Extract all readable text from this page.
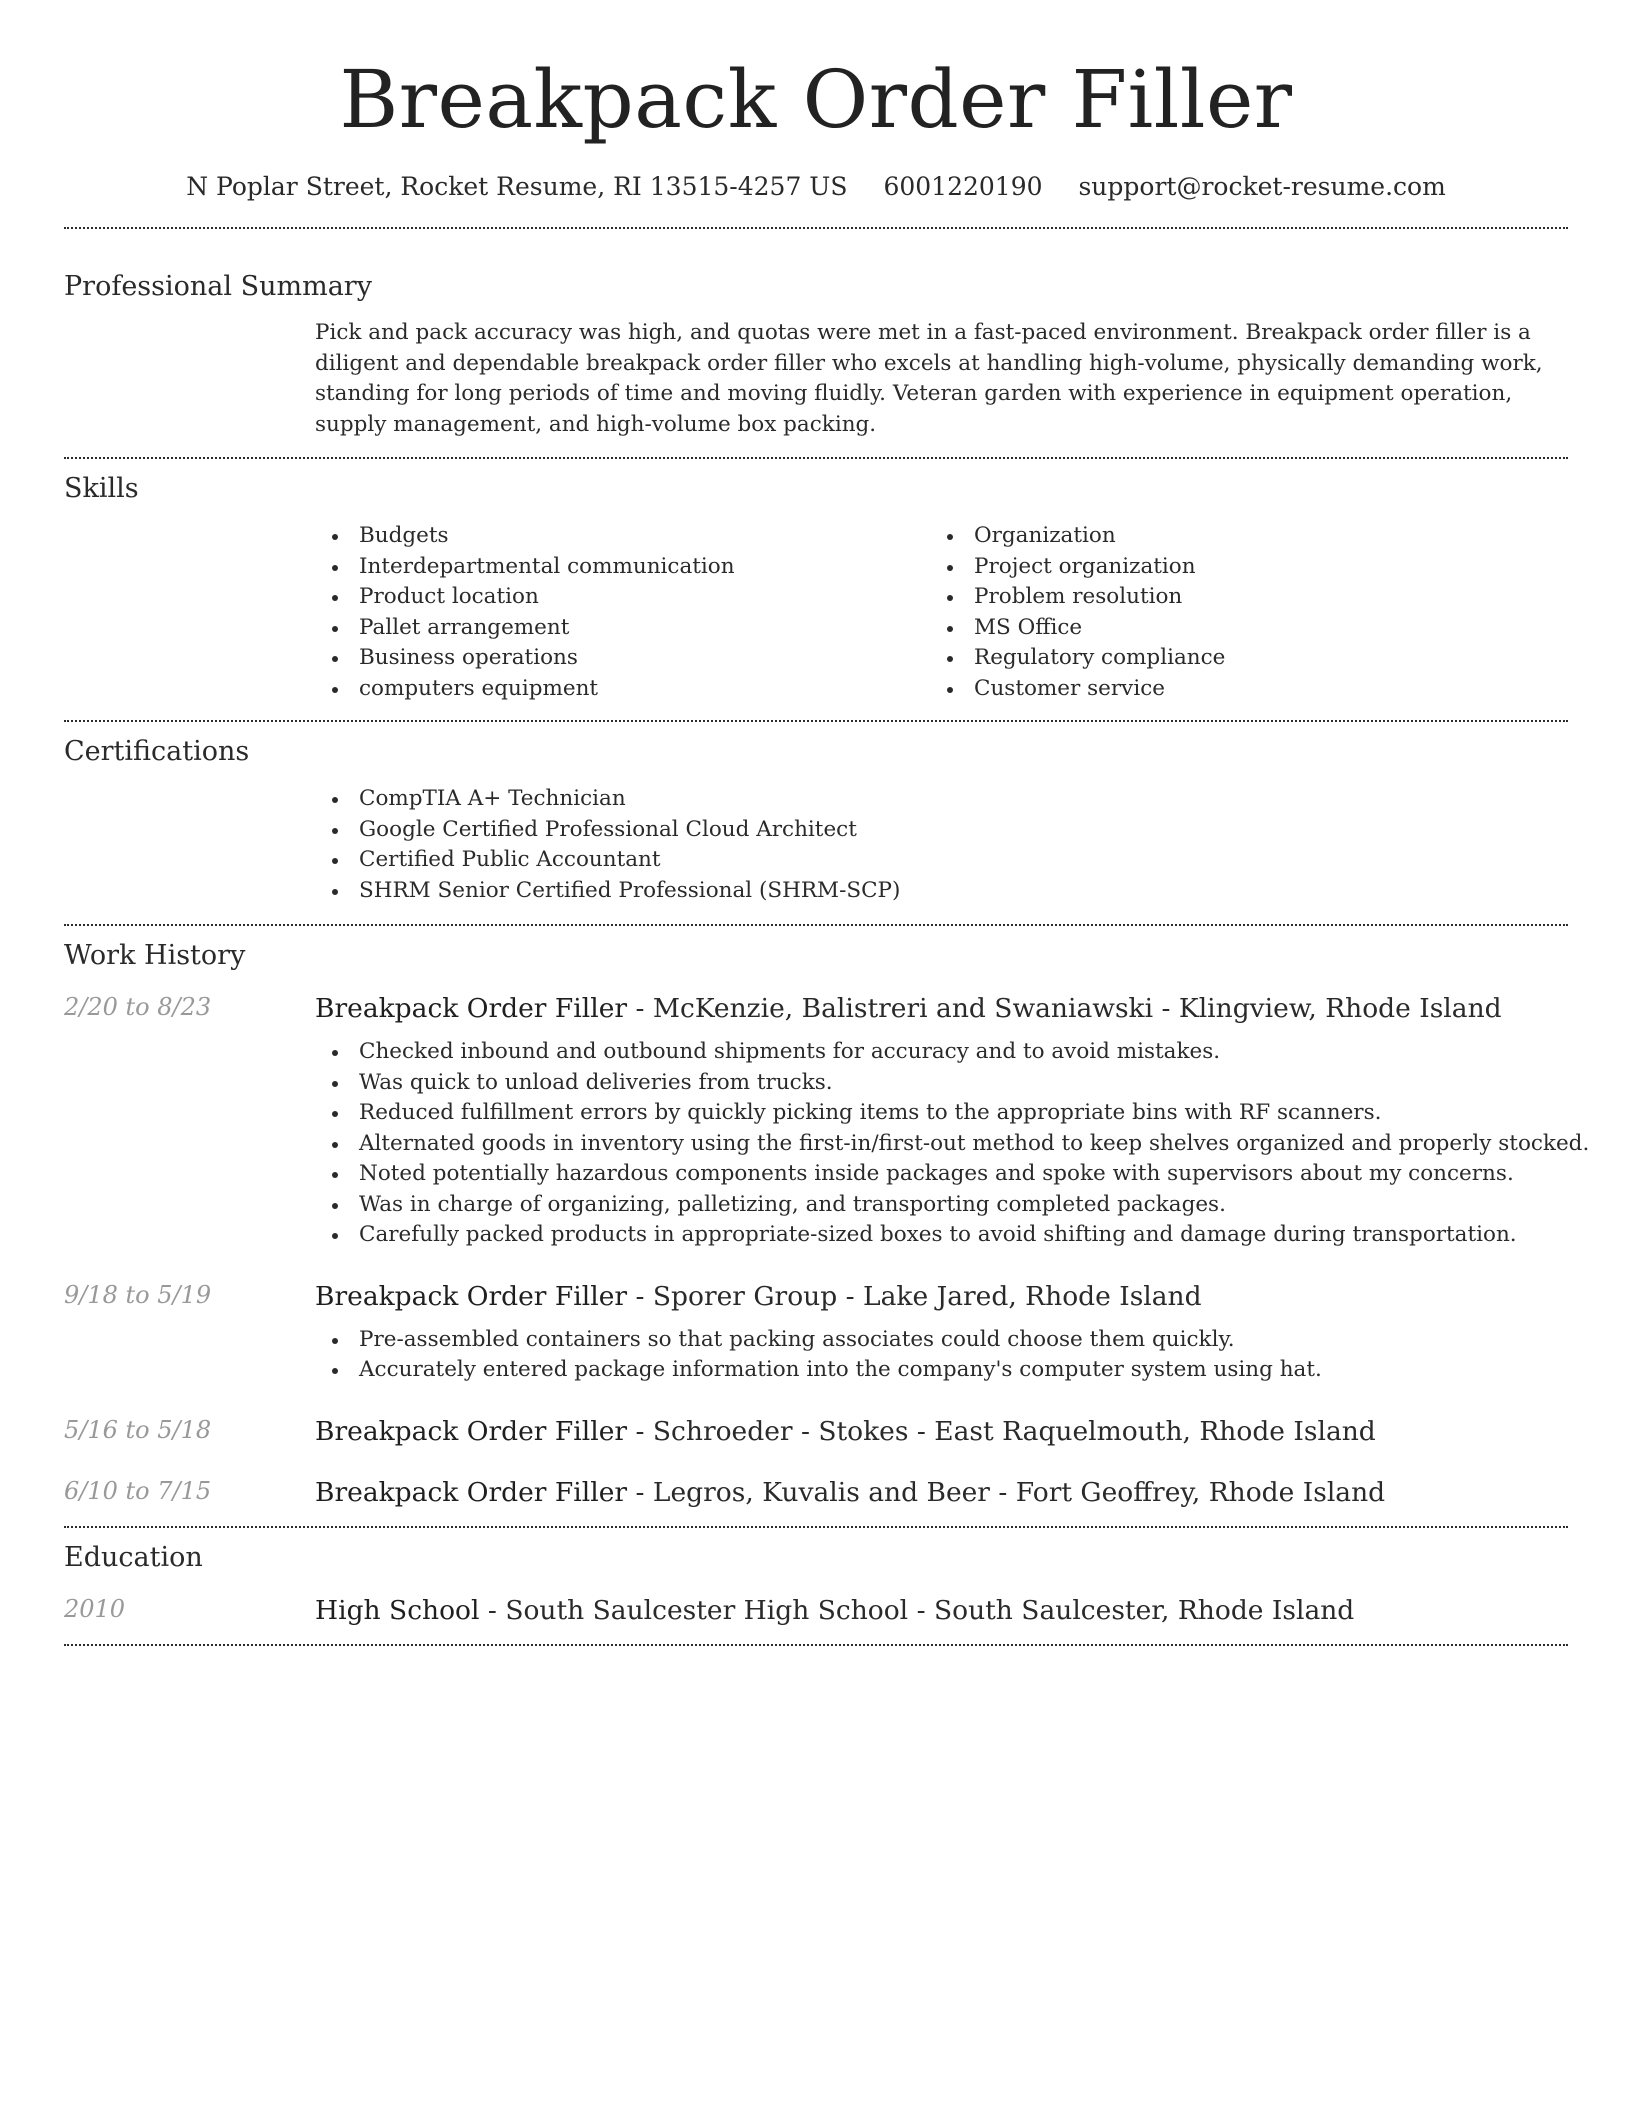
Breakpack Order Filler
N Poplar Street, Rocket Resume, RI 13515-4257 US 6001220190 support@rocket-resume.com
Professional Summary
Pick and pack accuracy was high, and quotas were met in a fast-paced environment. Breakpack order filler is a diligent and dependable breakpack order filler who excels at handling high-volume, physically demanding work, standing for long periods of time and moving fluidly. Veteran garden with experience in equipment operation, supply management, and high-volume box packing.
Skills
Budgets
Interdepartmental communication
Product location
Pallet arrangement
Business operations
computers equipment
Organization
Project organization
Problem resolution
MS Office
Regulatory compliance
Customer service
Certifications
CompTIA A+ Technician
Google Certified Professional Cloud Architect
Certified Public Accountant
SHRM Senior Certified Professional (SHRM-SCP)
Work History
2/20 to 8/23	Breakpack Order Filler - McKenzie, Balistreri and Swaniawski - Klingview, Rhode Island
Checked inbound and outbound shipments for accuracy and to avoid mistakes.
Was quick to unload deliveries from trucks.
Reduced fulfillment errors by quickly picking items to the appropriate bins with RF scanners.
Alternated goods in inventory using the first-in/first-out method to keep shelves organized and properly stocked.
Noted potentially hazardous components inside packages and spoke with supervisors about my concerns.
Was in charge of organizing, palletizing, and transporting completed packages.
Carefully packed products in appropriate-sized boxes to avoid shifting and damage during transportation.
9/18 to 5/19	Breakpack Order Filler - Sporer Group - Lake Jared, Rhode Island
Pre-assembled containers so that packing associates could choose them quickly.
Accurately entered package information into the company's computer system using hat.
5/16 to 5/18	Breakpack Order Filler - Schroeder - Stokes - East Raquelmouth, Rhode Island
6/10 to 7/15	Breakpack Order Filler - Legros, Kuvalis and Beer - Fort Geoffrey, Rhode Island
Education
2010	High School - South Saulcester High School - South Saulcester, Rhode Island
